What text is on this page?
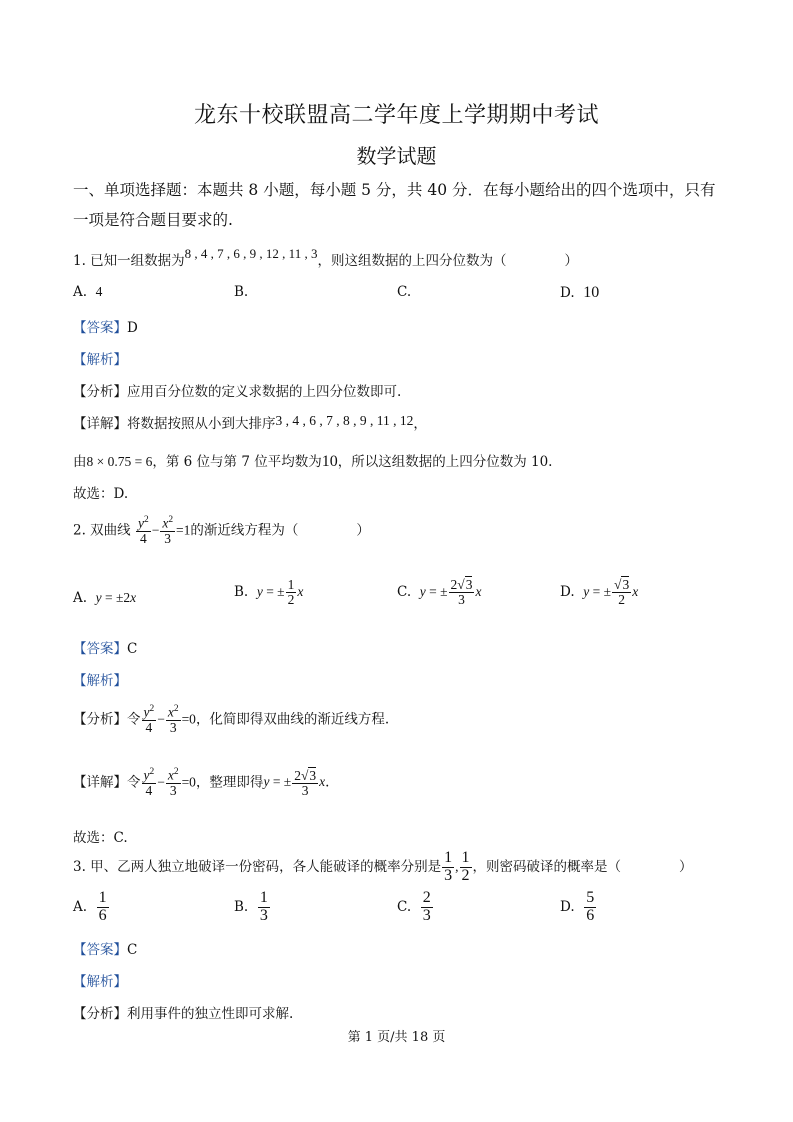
龙东十校联盟高二学年度上学期期中考试
数学试题
一、单项选择题：本题共 8 小题，每小题 5 分，共 40 分．在每小题给出的四个选项中，只有
一项是符合题目要求的.
1. 已知一组数据为8 , 4 , 7 , 6 , 9 , 12 , 11 , 3，则这组数据的上四分位数为（	）
A. 4	B.	C.	D. 10
【答案】D
【解析】
【分析】应用百分位数的定义求数据的上四分位数即可.
【详解】将数据按照从小到大排序3 , 4 , 6 , 7 , 8 , 9 , 11 , 12，
由8 × 0.75 = 6，第 6 位与第 7 位平均数为10，所以这组数据的上四分位数为 10.
故选：D.
2. 双曲线 $\frac{y^2}{4} - \frac{x^2}{3} =1$的渐近线方程为（	）
A. y = ±2x	B. y = ± $\frac{1}{2}$ x	C. y = ± $\frac{2√3}{3}$ x	D. y = ± $\frac{√3}{2}$ x
【答案】C
【解析】
【分析】令 $\frac{y^2}{4} - \frac{x^2}{3} =0$，化简即得双曲线的渐近线方程.
【详解】令 $\frac{y^2}{4} - \frac{x^2}{3} =0$，整理即得y = ± $\frac{2√3}{3} x$.
故选：C.
3. 甲、乙两人独立地破译一份密码，各人能破译的概率分别是 $\frac{1}{3}$ , $\frac{1}{2}$ ，则密码破译的概率是（	）
A. $\frac{1}{6}$	B. $\frac{1}{3}$	C. $\frac{2}{3}$	D. $\frac{5}{6}$
【答案】C
【解析】
【分析】利用事件的独立性即可求解.
第 1 页/共 18 页
